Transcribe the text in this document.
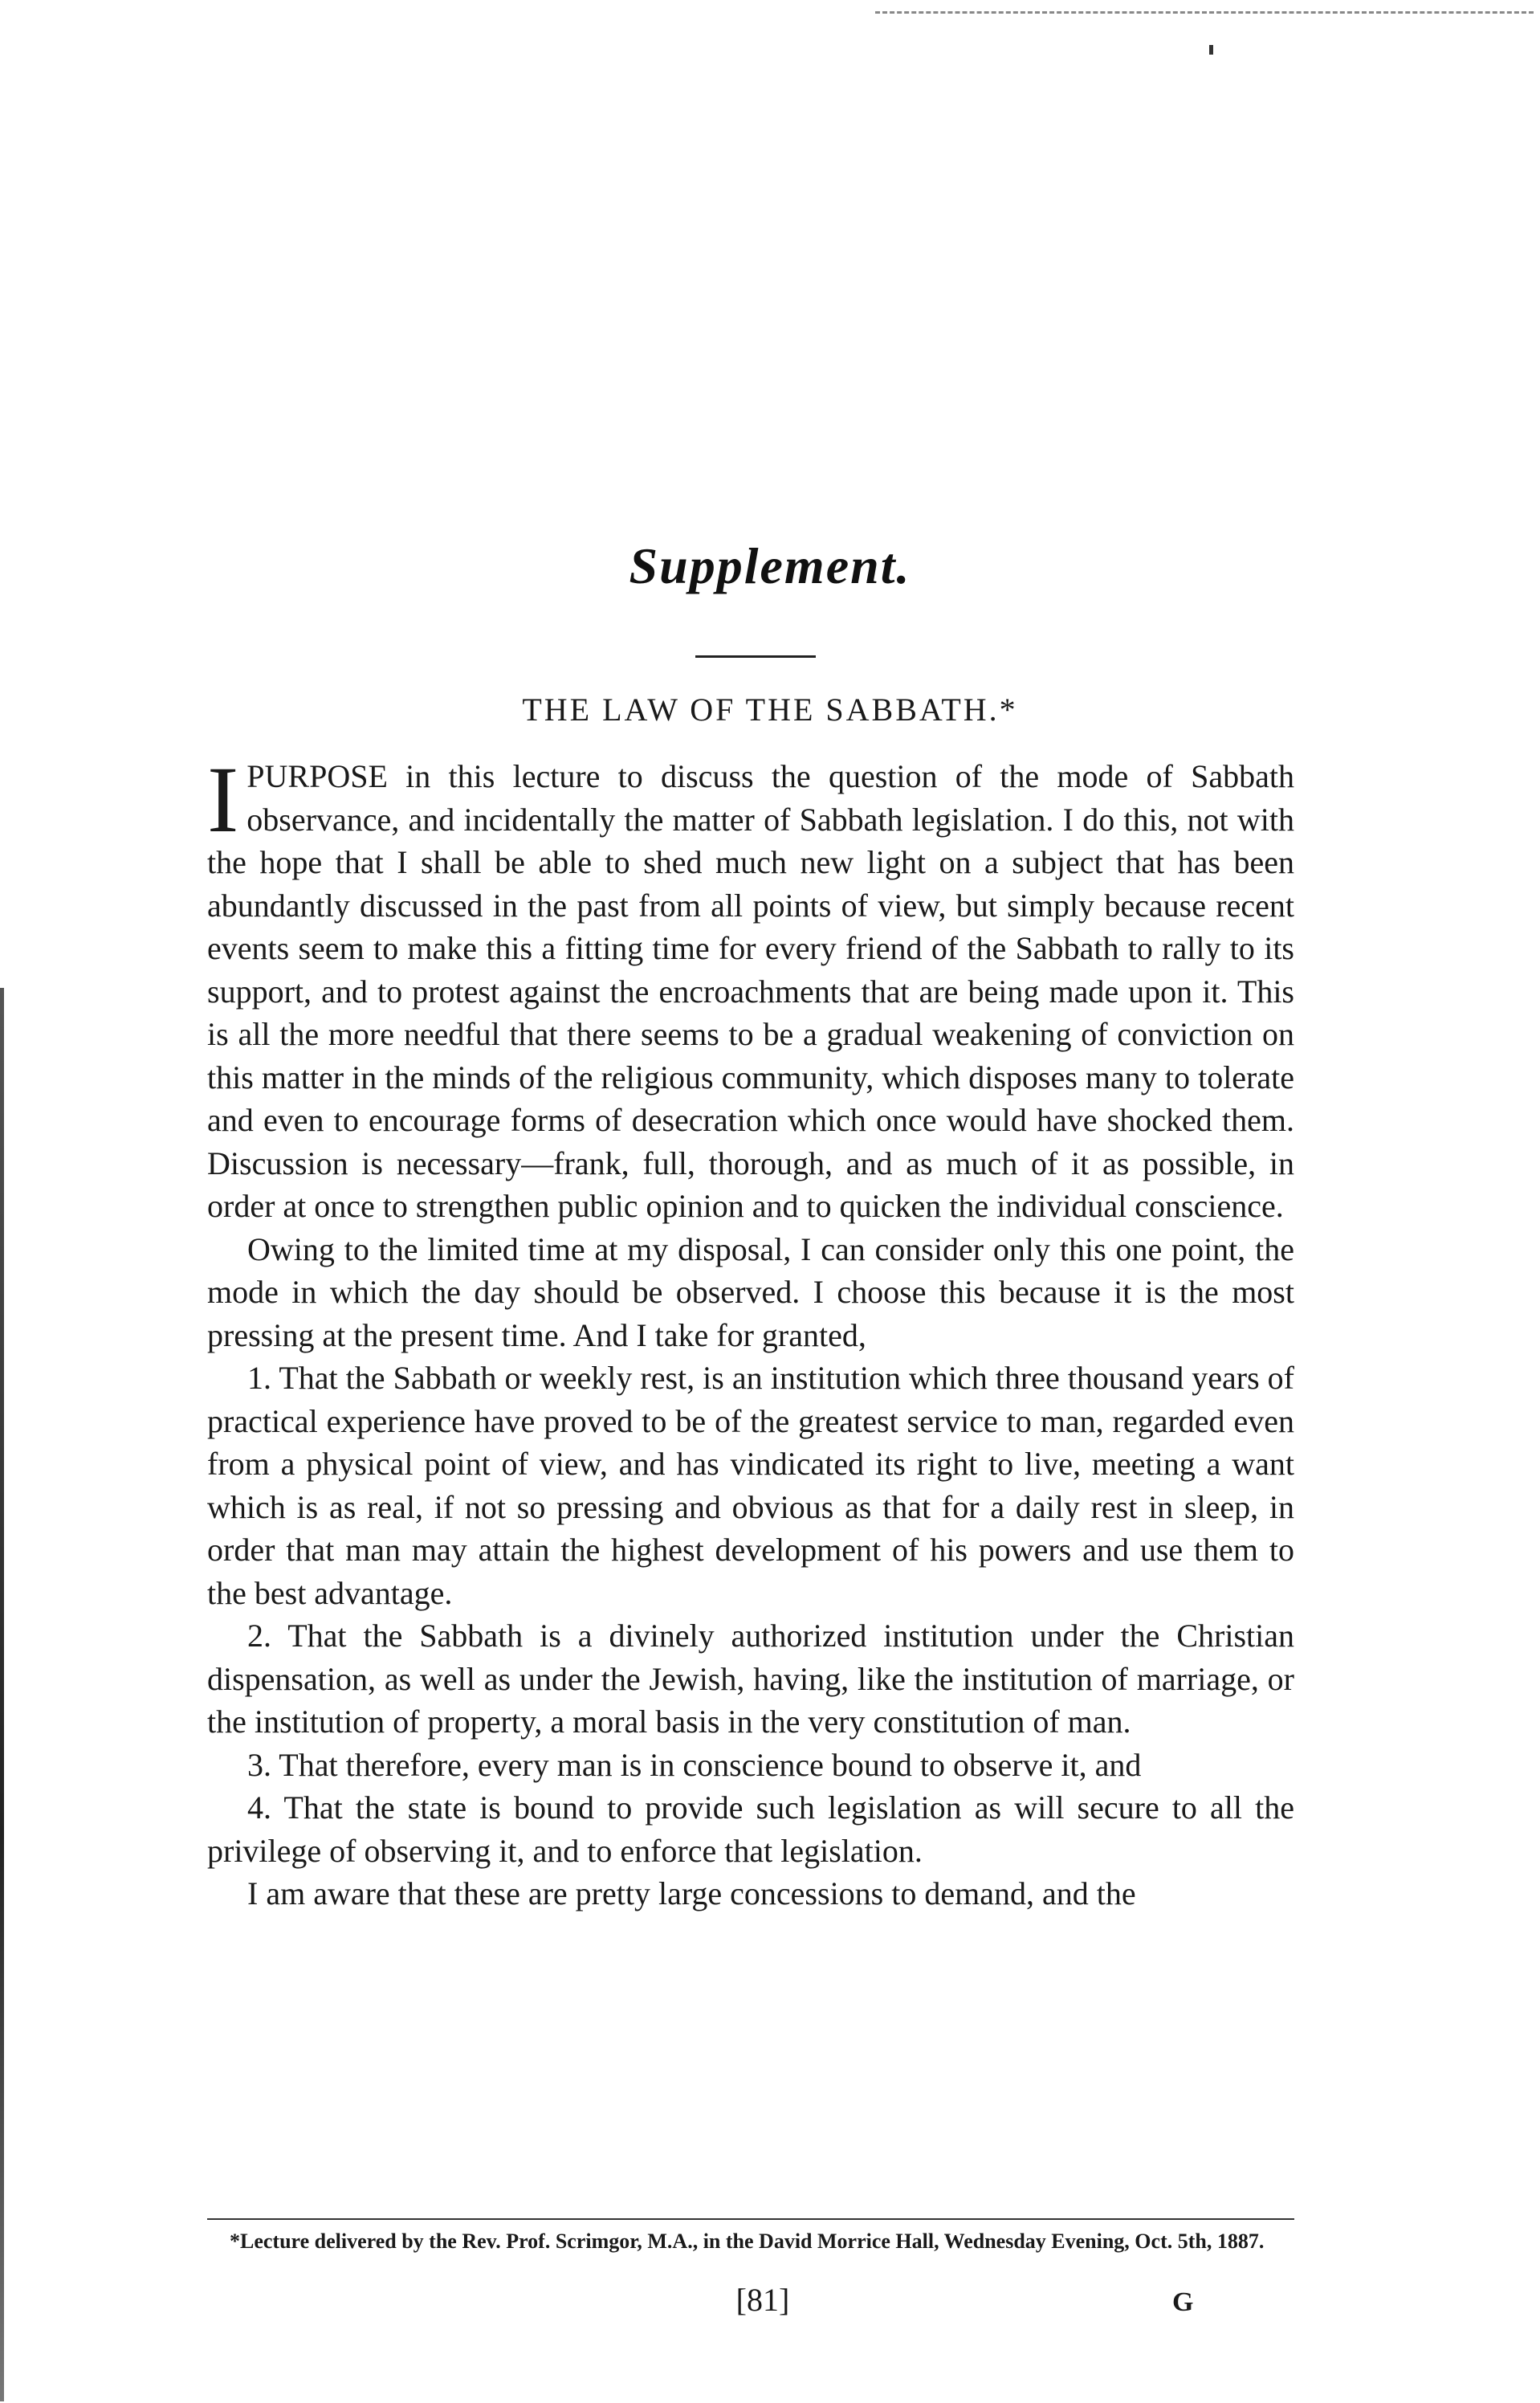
Supplement.
THE LAW OF THE SABBATH.*

IPURPOSE in this lecture to discuss the question of the mode of Sabbath observance, and incidentally the matter of Sabbath legislation. I do this, not with the hope that I shall be able to shed much new light on a subject that has been abundantly discussed in the past from all points of view, but simply because recent events seem to make this a fitting time for every friend of the Sabbath to rally to its support, and to protest against the encroachments that are being made upon it. This is all the more needful that there seems to be a gradual weakening of conviction on this matter in the minds of the religious community, which disposes many to tolerate and even to encourage forms of desecration which once would have shocked them. Discussion is necessary—frank, full, thorough, and as much of it as possible, in order at once to strengthen public opinion and to quicken the individual conscience.

Owing to the limited time at my disposal, I can consider only this one point, the mode in which the day should be observed. I choose this because it is the most pressing at the present time. And I take for granted,

1. That the Sabbath or weekly rest, is an institution which three thousand years of practical experience have proved to be of the greatest service to man, regarded even from a physical point of view, and has vindicated its right to live, meeting a want which is as real, if not so pressing and obvious as that for a daily rest in sleep, in order that man may attain the highest development of his powers and use them to the best advantage.

2. That the Sabbath is a divinely authorized institution under the Christian dispensation, as well as under the Jewish, having, like the institution of marriage, or the institution of property, a moral basis in the very constitution of man.

3. That therefore, every man is in conscience bound to observe it, and

4. That the state is bound to provide such legislation as will secure to all the privilege of observing it, and to enforce that legislation.

I am aware that these are pretty large concessions to demand, and the

*Lecture delivered by the Rev. Prof. Scrimgor, M.A., in the David Morrice Hall, Wednesday Evening, Oct. 5th, 1887.
[81]	G
